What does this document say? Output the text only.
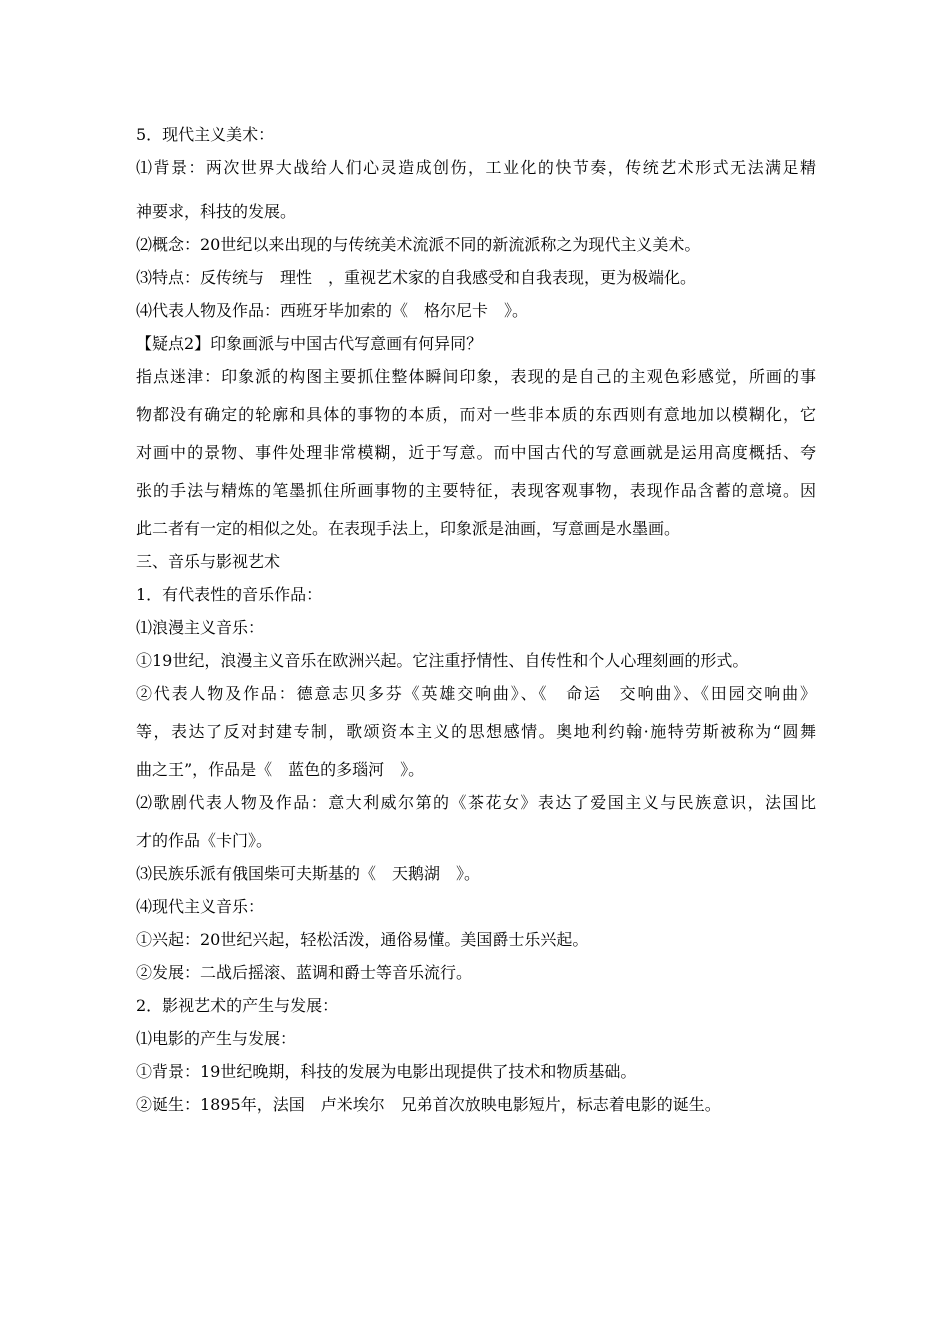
5．现代主义美术：

⑴背景：两次世界大战给人们心灵造成创伤，工业化的快节奏，传统艺术形式无法满足精

神要求，科技的发展。

⑵概念：20世纪以来出现的与传统美术流派不同的新流派称之为现代主义美术。

⑶特点：反传统与　理性　，重视艺术家的自我感受和自我表现，更为极端化。

⑷代表人物及作品：西班牙毕加索的《　格尔尼卡　》。

【疑点2】印象画派与中国古代写意画有何异同？

指点迷津：印象派的构图主要抓住整体瞬间印象，表现的是自己的主观色彩感觉，所画的事

物都没有确定的轮廓和具体的事物的本质，而对一些非本质的东西则有意地加以模糊化，它

对画中的景物、事件处理非常模糊，近于写意。而中国古代的写意画就是运用高度概括、夸

张的手法与精炼的笔墨抓住所画事物的主要特征，表现客观事物，表现作品含蓄的意境。因

此二者有一定的相似之处。在表现手法上，印象派是油画，写意画是水墨画。

三、音乐与影视艺术

1．有代表性的音乐作品：

⑴浪漫主义音乐：

①19世纪，浪漫主义音乐在欧洲兴起。它注重抒情性、自传性和个人心理刻画的形式。

②代表人物及作品：德意志贝多芬《英雄交响曲》、《　命运　交响曲》、《田园交响曲》

等，表达了反对封建专制，歌颂资本主义的思想感情。奥地利约翰·施特劳斯被称为“圆舞

曲之王”，作品是《　蓝色的多瑙河　》。

⑵歌剧代表人物及作品：意大利威尔第的《茶花女》表达了爱国主义与民族意识，法国比

才的作品《卡门》。

⑶民族乐派有俄国柴可夫斯基的《　天鹅湖　》。

⑷现代主义音乐：

①兴起：20世纪兴起，轻松活泼，通俗易懂。美国爵士乐兴起。

②发展：二战后摇滚、蓝调和爵士等音乐流行。

2．影视艺术的产生与发展：

⑴电影的产生与发展：

①背景：19世纪晚期，科技的发展为电影出现提供了技术和物质基础。

②诞生：1895年，法国　卢米埃尔　兄弟首次放映电影短片，标志着电影的诞生。
